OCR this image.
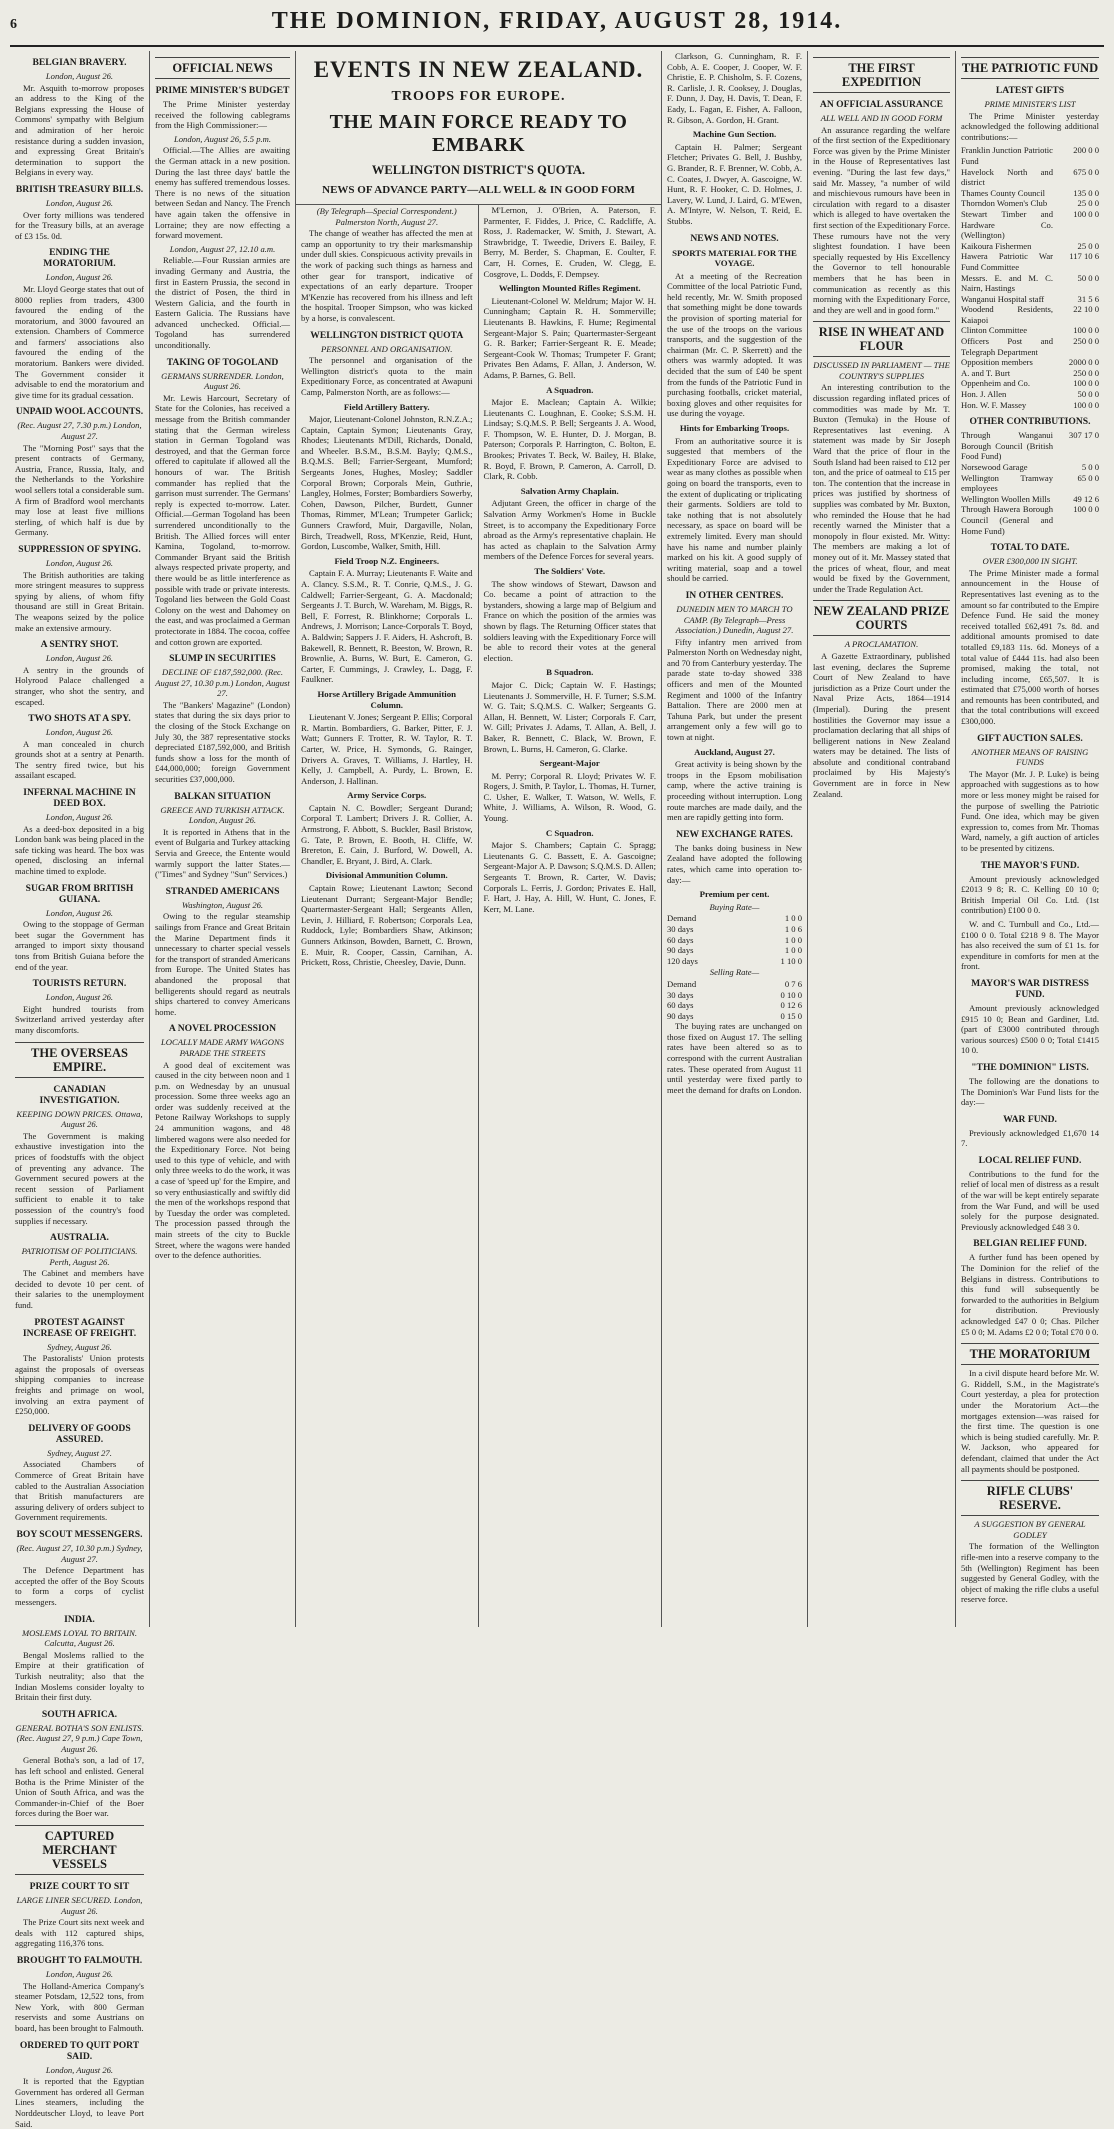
6	THE DOMINION, FRIDAY, AUGUST 28, 1914.
BELGIAN BRAVERY.
London, August 26.

Mr. Asquith to-morrow proposes an address to the King of the Belgians expressing the House of Commons' sympathy with Belgium and admiration of her heroic resistance during a sudden invasion, and expressing Great Britain's determination to support the Belgians in every way.

BRITISH TREASURY BILLS.
London, August 26.

Over forty millions was tendered for the Treasury bills, at an average of £3 15s. 0d.

ENDING THE MORATORIUM.
London, August 26.

Mr. Lloyd George states that out of 8000 replies from traders, 4300 favoured the ending of the moratorium, and 3000 favoured an extension. Chambers of Commerce and farmers' associations also favoured the ending of the moratorium. Bankers were divided. The Government consider it advisable to end the moratorium and give time for its gradual cessation.

UNPAID WOOL ACCOUNTS.
(Rec. August 27, 7.30 p.m.) London, August 27.

The "Morning Post" says that the present contracts of Germany, Austria, France, Russia, Italy, and the Netherlands to the Yorkshire wool sellers total a considerable sum. A firm of Bradford wool merchants may lose at least five millions sterling, of which half is due by Germany.

SUPPRESSION OF SPYING.
London, August 26.

The British authorities are taking more stringent measures to suppress spying by aliens, of whom fifty thousand are still in Great Britain. The weapons seized by the police make an extensive armoury.

A SENTRY SHOT.
London, August 26.

A sentry in the grounds of Holyrood Palace challenged a stranger, who shot the sentry, and escaped.

TWO SHOTS AT A SPY.
London, August 26.

A man concealed in church grounds shot at a sentry at Penarth. The sentry fired twice, but his assailant escaped.

INFERNAL MACHINE IN DEED BOX.
London, August 26.

As a deed-box deposited in a big London bank was being placed in the safe ticking was heard. The box was opened, disclosing an infernal machine timed to explode.

SUGAR FROM BRITISH GUIANA.
London, August 26.

Owing to the stoppage of German beet sugar the Government has arranged to import sixty thousand tons from British Guiana before the end of the year.

TOURISTS RETURN.
London, August 26.

Eight hundred tourists from Switzerland arrived yesterday after many discomforts.

THE OVERSEAS EMPIRE.
CANADIAN INVESTIGATION.
KEEPING DOWN PRICES. Ottawa, August 26.

The Government is making exhaustive investigation into the prices of foodstuffs with the object of preventing any advance. The Government secured powers at the recent session of Parliament sufficient to enable it to take possession of the country's food supplies if necessary.

AUSTRALIA.
PATRIOTISM OF POLITICIANS. Perth, August 26.

The Cabinet and members have decided to devote 10 per cent. of their salaries to the unemployment fund.

PROTEST AGAINST INCREASE OF FREIGHT.
Sydney, August 26.

The Pastoralists' Union protests against the proposals of overseas shipping companies to increase freights and primage on wool, involving an extra payment of £250,000.

DELIVERY OF GOODS ASSURED.
Sydney, August 27.

Associated Chambers of Commerce of Great Britain have cabled to the Australian Association that British manufacturers are assuring delivery of orders subject to Government requirements.

BOY SCOUT MESSENGERS.
(Rec. August 27, 10.30 p.m.) Sydney, August 27.

The Defence Department has accepted the offer of the Boy Scouts to form a corps of cyclist messengers.

INDIA.
MOSLEMS LOYAL TO BRITAIN. Calcutta, August 26.

Bengal Moslems rallied to the Empire at their gratification of Turkish neutrality; also that the Indian Moslems consider loyalty to Britain their first duty.

SOUTH AFRICA.
GENERAL BOTHA'S SON ENLISTS. (Rec. August 27, 9 p.m.) Cape Town, August 26.

General Botha's son, a lad of 17, has left school and enlisted. General Botha is the Prime Minister of the Union of South Africa, and was the Commander-in-Chief of the Boer forces during the Boer war.

CAPTURED MERCHANT VESSELS
PRIZE COURT TO SIT
LARGE LINER SECURED. London, August 26.

The Prize Court sits next week and deals with 112 captured ships, aggregating 116,376 tons.

BROUGHT TO FALMOUTH.
London, August 26.

The Holland-America Company's steamer Potsdam, 12,522 tons, from New York, with 800 German reservists and some Austrians on board, has been brought to Falmouth.

ORDERED TO QUIT PORT SAID.
London, August 26.

It is reported that the Egyptian Government has ordered all German Lines steamers, including the Norddeutscher Lloyd, to leave Port Said.

OFFICIAL NEWS
PRIME MINISTER'S BUDGET

The Prime Minister yesterday received the following cablegrams from the High Commissioner:—

London, August 26, 5.5 p.m.

Official.—The Allies are awaiting the German attack in a new position. During the last three days' battle the enemy has suffered tremendous losses. There is no news of the situation between Sedan and Nancy. The French have again taken the offensive in Lorraine; they are now effecting a forward movement.

London, August 27, 12.10 a.m.

Reliable.—Four Russian armies are invading Germany and Austria, the first in Eastern Prussia, the second in the district of Posen, the third in Western Galicia, and the fourth in Eastern Galicia. The Russians have advanced unchecked. Official.—Togoland has surrendered unconditionally.

TAKING OF TOGOLAND
GERMANS SURRENDER. London, August 26.

Mr. Lewis Harcourt, Secretary of State for the Colonies, has received a message from the British commander stating that the German wireless station in German Togoland was destroyed, and that the German force offered to capitulate if allowed all the honours of war. The British commander has replied that the garrison must surrender. The Germans' reply is expected to-morrow. Later. Official.—German Togoland has been surrendered unconditionally to the British. The Allied forces will enter Kamina, Togoland, to-morrow. Commander Bryant said the British always respected private property, and there would be as little interference as possible with trade or private interests. Togoland lies between the Gold Coast Colony on the west and Dahomey on the east, and was proclaimed a German protectorate in 1884. The cocoa, coffee and cotton grown are exported.

SLUMP IN SECURITIES
DECLINE OF £187,592,000. (Rec. August 27, 10.30 p.m.) London, August 27.

The "Bankers' Magazine" (London) states that during the six days prior to the closing of the Stock Exchange on July 30, the 387 representative stocks depreciated £187,592,000, and British funds show a loss for the month of £44,000,000; foreign Government securities £37,000,000.

BALKAN SITUATION
GREECE AND TURKISH ATTACK. London, August 26.

It is reported in Athens that in the event of Bulgaria and Turkey attacking Servia and Greece, the Entente would warmly support the latter States.—("Times" and Sydney "Sun" Services.)

STRANDED AMERICANS
Washington, August 26.

Owing to the regular steamship sailings from France and Great Britain the Marine Department finds it unnecessary to charter special vessels for the transport of stranded Americans from Europe. The United States has abandoned the proposal that belligerents should regard as neutrals ships chartered to convey Americans home.

A NOVEL PROCESSION
LOCALLY MADE ARMY WAGONS PARADE THE STREETS

A good deal of excitement was caused in the city between noon and 1 p.m. on Wednesday by an unusual procession. Some three weeks ago an order was suddenly received at the Petone Railway Workshops to supply 24 ammunition wagons, and 48 limbered wagons were also needed for the Expeditionary Force. Not being used to this type of vehicle, and with only three weeks to do the work, it was a case of 'speed up' for the Empire, and so very enthusiastically and swiftly did the men of the workshops respond that by Tuesday the order was completed. The procession passed through the main streets of the city to Buckle Street, where the wagons were handed over to the defence authorities.

EVENTS IN NEW ZEALAND.
TROOPS FOR EUROPE.
THE MAIN FORCE READY TO EMBARK
WELLINGTON DISTRICT'S QUOTA.
NEWS OF ADVANCE PARTY—ALL WELL & IN GOOD FORM
(By Telegraph—Special Correspondent.) Palmerston North, August 27.

The change of weather has affected the men at camp an opportunity to try their marksmanship under dull skies. Conspicuous activity prevails in the work of packing such things as harness and other gear for transport, indicative of expectations of an early departure. Trooper M'Kenzie has recovered from his illness and left the hospital. Trooper Simpson, who was kicked by a horse, is convalescent.

WELLINGTON DISTRICT QUOTA
PERSONNEL AND ORGANISATION.

The personnel and organisation of the Wellington district's quota to the main Expeditionary Force, as concentrated at Awapuni Camp, Palmerston North, are as follows:—

Field Artillery Battery.

Major, Lieutenant-Colonel Johnston, R.N.Z.A.; Captain, Captain Symon; Lieutenants Gray, Rhodes; Lieutenants M'Dill, Richards, Donald, and Wheeler. B.S.M., B.S.M. Bayly; Q.M.S., B.Q.M.S. Bell; Farrier-Sergeant, Mumford; Sergeants Jones, Hughes, Mosley; Saddler Corporal Brown; Corporals Mein, Guthrie, Langley, Holmes, Forster; Bombardiers Sowerby, Cohen, Dawson, Pilcher, Burdett, Gunner Thomas, Rimmer, M'Lean; Trumpeter Garlick; Gunners Crawford, Muir, Dargaville, Nolan, Birch, Treadwell, Ross, M'Kenzie, Reid, Hunt, Gordon, Luscombe, Walker, Smith, Hill.

Field Troop N.Z. Engineers.

Captain F. A. Murray; Lieutenants F. Waite and A. Clancy. S.S.M., R. T. Conrie, Q.M.S., J. G. Caldwell; Farrier-Sergeant, G. A. Macdonald; Sergeants J. T. Burch, W. Wareham, M. Biggs, R. Bell, F. Forrest, R. Blinkhorne; Corporals L. Andrews, J. Morrison; Lance-Corporals T. Boyd, A. Baldwin; Sappers J. F. Aiders, H. Ashcroft, B. Bakewell, R. Bennett, R. Beeston, W. Brown, R. Brownlie, A. Burns, W. Burt, E. Cameron, G. Carter, F. Cummings, J. Crawley, L. Dagg, F. Faulkner.

Horse Artillery Brigade Ammunition Column.

Lieutenant V. Jones; Sergeant P. Ellis; Corporal R. Martin. Bombardiers, G. Barker, Pitter, F. J. Watt; Gunners F. Trotter, R. W. Taylor, R. T. Carter, W. Price, H. Symonds, G. Rainger, Drivers A. Graves, T. Williams, J. Hartley, H. Kelly, J. Campbell, A. Purdy, L. Brown, E. Anderson, J. Hallinan.

Army Service Corps.

Captain N. C. Bowdler; Sergeant Durand; Corporal T. Lambert; Drivers J. R. Collier, A. Armstrong, F. Abbott, S. Buckler, Basil Bristow, G. Tate, P. Brown, E. Booth, H. Cliffe, W. Brereton, E. Cain, J. Burford, W. Dowell, A. Chandler, E. Bryant, J. Bird, A. Clark.

Divisional Ammunition Column.

Captain Rowe; Lieutenant Lawton; Second Lieutenant Durrant; Sergeant-Major Bendle; Quartermaster-Sergeant Hall; Sergeants Allen, Levin, J. Hilliard, F. Robertson; Corporals Lea, Ruddock, Lyle; Bombardiers Shaw, Atkinson; Gunners Atkinson, Bowden, Barnett, C. Brown, E. Muir, R. Cooper, Cassin, Carnihan, A. Prickett, Ross, Christie, Cheesley, Davie, Dunn.

M'Lernon, J. O'Brien, A. Paterson, F. Parmenter, F. Fiddes, J. Price, C. Radcliffe, A. Ross, J. Rademacker, W. Smith, J. Stewart, A. Strawbridge, T. Tweedie, Drivers E. Bailey, F. Berry, M. Berder, S. Chapman, E. Coulter, F. Carr, H. Cornes, E. Cruden, W. Clegg, E. Cosgrove, L. Dodds, F. Dempsey.

Wellington Mounted Rifles Regiment.

Lieutenant-Colonel W. Meldrum; Major W. H. Cunningham; Captain R. H. Sommerville; Lieutenants B. Hawkins, F. Hume; Regimental Sergeant-Major S. Pain; Quartermaster-Sergeant G. R. Barker; Farrier-Sergeant R. E. Meade; Sergeant-Cook W. Thomas; Trumpeter F. Grant; Privates Ben Adams, F. Allan, J. Anderson, W. Adams, P. Barnes, G. Bell.

A Squadron.

Major E. Maclean; Captain A. Wilkie; Lieutenants C. Loughnan, E. Cooke; S.S.M. H. Lindsay; S.Q.M.S. P. Bell; Sergeants J. A. Wood, F. Thompson, W. E. Hunter, D. J. Morgan, B. Paterson; Corporals P. Harrington, C. Bolton, E. Brookes; Privates T. Beck, W. Bailey, H. Blake, R. Boyd, F. Brown, P. Cameron, A. Carroll, D. Clark, R. Cobb.

Salvation Army Chaplain.

Adjutant Green, the officer in charge of the Salvation Army Workmen's Home in Buckle Street, is to accompany the Expeditionary Force abroad as the Army's representative chaplain. He has acted as chaplain to the Salvation Army members of the Defence Forces for several years.

The Soldiers' Vote.

The show windows of Stewart, Dawson and Co. became a point of attraction to the bystanders, showing a large map of Belgium and France on which the position of the armies was shown by flags. The Returning Officer states that soldiers leaving with the Expeditionary Force will be able to record their votes at the general election.

B Squadron.

Major C. Dick; Captain W. F. Hastings; Lieutenants J. Sommerville, H. F. Turner; S.S.M. W. G. Tait; S.Q.M.S. C. Walker; Sergeants G. Allan, H. Bennett, W. Lister; Corporals F. Carr, W. Gill; Privates J. Adams, T. Allan, A. Bell, J. Baker, R. Bennett, C. Black, W. Brown, F. Brown, L. Burns, H. Cameron, G. Clarke.

Sergeant-Major

M. Perry; Corporal R. Lloyd; Privates W. F. Rogers, J. Smith, P. Taylor, L. Thomas, H. Turner, C. Usher, E. Walker, T. Watson, W. Wells, F. White, J. Williams, A. Wilson, R. Wood, G. Young.

C Squadron.

Major S. Chambers; Captain C. Spragg; Lieutenants G. C. Bassett, E. A. Gascoigne; Sergeant-Major A. P. Dawson; S.Q.M.S. D. Allen; Sergeants T. Brown, R. Carter, W. Davis; Corporals L. Ferris, J. Gordon; Privates E. Hall, F. Hart, J. Hay, A. Hill, W. Hunt, C. Jones, F. Kerr, M. Lane.

Clarkson, G. Cunningham, R. F. Cobb, A. E. Cooper, J. Cooper, W. F. Christie, E. P. Chisholm, S. F. Cozens, R. Carlisle, J. R. Cooksey, J. Douglas, F. Dunn, J. Day, H. Davis, T. Dean, F. Eady, L. Fagan, E. Fisher, A. Falloon, R. Gibson, A. Gordon, H. Grant.

Machine Gun Section.

Captain H. Palmer; Sergeant Fletcher; Privates G. Bell, J. Bushby, G. Brander, R. F. Brenner, W. Cobb, A. C. Coates, J. Dwyer, A. Gascoigne, W. Hunt, R. F. Hooker, C. D. Holmes, J. Lavery, W. Lund, J. Laird, G. M'Ewen, A. M'Intyre, W. Nelson, T. Reid, E. Stubbs.

NEWS AND NOTES.
SPORTS MATERIAL FOR THE VOYAGE.

At a meeting of the Recreation Committee of the local Patriotic Fund, held recently, Mr. W. Smith proposed that something might be done towards the provision of sporting material for the use of the troops on the various transports, and the suggestion of the chairman (Mr. C. P. Skerrett) and the others was warmly adopted. It was decided that the sum of £40 be spent from the funds of the Patriotic Fund in purchasing footballs, cricket material, boxing gloves and other requisites for use during the voyage.

Hints for Embarking Troops.

From an authoritative source it is suggested that members of the Expeditionary Force are advised to wear as many clothes as possible when going on board the transports, even to the extent of duplicating or triplicating their garments. Soldiers are told to take nothing that is not absolutely necessary, as space on board will be extremely limited. Every man should have his name and number plainly marked on his kit. A good supply of writing material, soap and a towel should be carried.

IN OTHER CENTRES.
DUNEDIN MEN TO MARCH TO CAMP. (By Telegraph—Press Association.) Dunedin, August 27.

Fifty infantry men arrived from Palmerston North on Wednesday night, and 70 from Canterbury yesterday. The parade state to-day showed 338 officers and men of the Mounted Regiment and 1000 of the Infantry Battalion. There are 2000 men at Tahuna Park, but under the present arrangement only a few will go to town at night.

Auckland, August 27.

Great activity is being shown by the troops in the Epsom mobilisation camp, where the active training is proceeding without interruption. Long route marches are made daily, and the men are rapidly getting into form.

NEW EXCHANGE RATES.

The banks doing business in New Zealand have adopted the following rates, which came into operation to-day:—

Premium per cent.
Buying Rate—
Demand	1 0 0
30 days	1 0 6
60 days	1 0 0
90 days	1 0 0
120 days	1 10 0
Selling Rate—
Demand	0 7 6
30 days	0 10 0
60 days	0 12 6
90 days	0 15 0

The buying rates are unchanged on those fixed on August 17. The selling rates have been altered so as to correspond with the current Australian rates. These operated from August 11 until yesterday were fixed partly to meet the demand for drafts on London.

THE FIRST EXPEDITION
AN OFFICIAL ASSURANCE
ALL WELL AND IN GOOD FORM

An assurance regarding the welfare of the first section of the Expeditionary Force was given by the Prime Minister in the House of Representatives last evening. "During the last few days," said Mr. Massey, "a number of wild and mischievous rumours have been in circulation with regard to a disaster which is alleged to have overtaken the first section of the Expeditionary Force. These rumours have not the very slightest foundation. I have been specially requested by His Excellency the Governor to tell honourable members that he has been in communication as recently as this morning with the Expeditionary Force, and they are well and in good form."

RISE IN WHEAT AND FLOUR
DISCUSSED IN PARLIAMENT — THE COUNTRY'S SUPPLIES

An interesting contribution to the discussion regarding inflated prices of commodities was made by Mr. T. Buxton (Temuka) in the House of Representatives last evening. A statement was made by Sir Joseph Ward that the price of flour in the South Island had been raised to £12 per ton, and the price of oatmeal to £15 per ton. The contention that the increase in prices was justified by shortness of supplies was combated by Mr. Buxton, who reminded the House that he had recently warned the Minister that a monopoly in flour existed. Mr. Witty: The members are making a lot of money out of it. Mr. Massey stated that the prices of wheat, flour, and meat would be fixed by the Government, under the Trade Regulation Act.

NEW ZEALAND PRIZE COURTS
A PROCLAMATION.

A Gazette Extraordinary, published last evening, declares the Supreme Court of New Zealand to have jurisdiction as a Prize Court under the Naval Prize Acts, 1864—1914 (Imperial). During the present hostilities the Governor may issue a proclamation declaring that all ships of belligerent nations in New Zealand waters may be detained. The lists of absolute and conditional contraband proclaimed by His Majesty's Government are in force in New Zealand.

THE PATRIOTIC FUND
LATEST GIFTS
PRIME MINISTER'S LIST

The Prime Minister yesterday acknowledged the following additional contributions:—

Franklin Junction Patriotic Fund	200 0 0
Havelock North and district	675 0 0
Thames County Council	135 0 0
Thorndon Women's Club	25 0 0
Stewart Timber and Hardware Co. (Wellington)	100 0 0
Kaikoura Fishermen	25 0 0
Hawera Patriotic War Fund Committee	117 10 6
Messrs. E. and M. C. Nairn, Hastings	50 0 0
Wanganui Hospital staff	31 5 6
Woodend Residents, Kaiapoi	22 10 0
Clinton Committee	100 0 0
Officers Post and Telegraph Department	250 0 0
Opposition members	2000 0 0
A. and T. Burt	250 0 0
Oppenheim and Co.	100 0 0
Hon. J. Allen	50 0 0
Hon. W. F. Massey	100 0 0
OTHER CONTRIBUTIONS.
Through Wanganui Borough Council (British Food Fund)	307 17 0
Norsewood Garage	5 0 0
Wellington Tramway employees	65 0 0
Wellington Woollen Mills	49 12 6
Through Hawera Borough Council (General and Home Fund)	100 0 0
TOTAL TO DATE.
OVER £300,000 IN SIGHT.

The Prime Minister made a formal announcement in the House of Representatives last evening as to the amount so far contributed to the Empire Defence Fund. He said the money received totalled £62,491 7s. 8d. and additional amounts promised to date totalled £9,183 11s. 6d. Moneys of a total value of £444 11s. had also been promised, making the total, not including income, £65,507. It is estimated that £75,000 worth of horses and remounts has been contributed, and that the total contributions will exceed £300,000.

GIFT AUCTION SALES.
ANOTHER MEANS OF RAISING FUNDS

The Mayor (Mr. J. P. Luke) is being approached with suggestions as to how more or less money might be raised for the purpose of swelling the Patriotic Fund. One idea, which may be given expression to, comes from Mr. Thomas Ward, namely, a gift auction of articles to be presented by citizens.

THE MAYOR'S FUND.

Amount previously acknowledged £2013 9 8; R. C. Kelling £0 10 0; British Imperial Oil Co. Ltd. (1st contribution) £100 0 0.

W. and C. Turnbull and Co., Ltd.—£100 0 0. Total £218 9 8. The Mayor has also received the sum of £1 1s. for expenditure in comforts for men at the front.

MAYOR'S WAR DISTRESS FUND.

Amount previously acknowledged £915 10 0; Bean and Gardiner, Ltd. (part of £3000 contributed through various sources) £500 0 0; Total £1415 10 0.

"THE DOMINION" LISTS.

The following are the donations to The Dominion's War Fund lists for the day:—

WAR FUND.

Previously acknowledged £1,670 14 7.

LOCAL RELIEF FUND.

Contributions to the fund for the relief of local men of distress as a result of the war will be kept entirely separate from the War Fund, and will be used solely for the purpose designated. Previously acknowledged £48 3 0.

BELGIAN RELIEF FUND.

A further fund has been opened by The Dominion for the relief of the Belgians in distress. Contributions to this fund will subsequently be forwarded to the authorities in Belgium for distribution. Previously acknowledged £47 0 0; Chas. Pilcher £5 0 0; M. Adams £2 0 0; Total £70 0 0.

THE MORATORIUM

In a civil dispute heard before Mr. W. G. Riddell, S.M., in the Magistrate's Court yesterday, a plea for protection under the Moratorium Act—the mortgages extension—was raised for the first time. The question is one which is being studied carefully. Mr. P. W. Jackson, who appeared for defendant, claimed that under the Act all payments should be postponed.

RIFLE CLUBS' RESERVE.
A SUGGESTION BY GENERAL GODLEY

The formation of the Wellington rifle-men into a reserve company to the 5th (Wellington) Regiment has been suggested by General Godley, with the object of making the rifle clubs a useful reserve force.
